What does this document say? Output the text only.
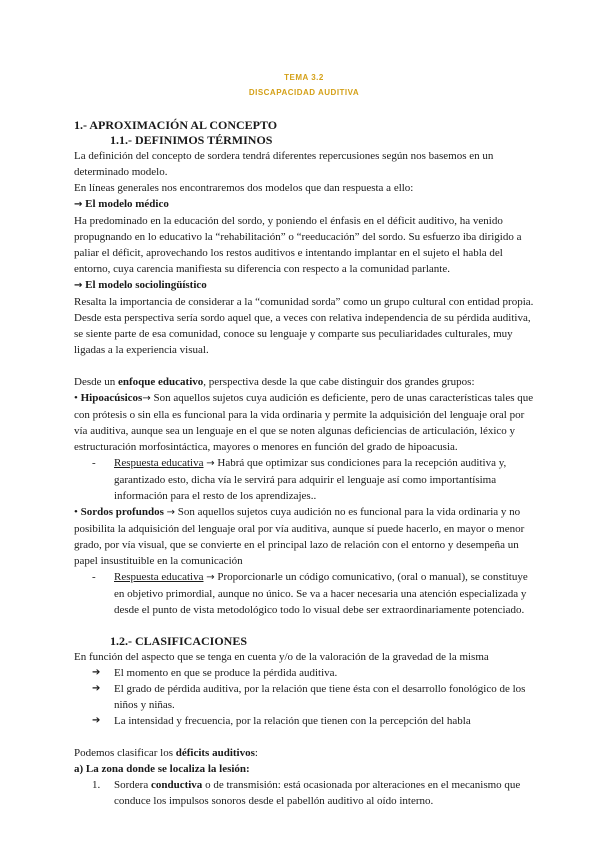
TEMA 3.2
DISCAPACIDAD AUDITIVA
1.- APROXIMACIÓN AL CONCEPTO
1.1.- DEFINIMOS TÉRMINOS

La definición del concepto de sordera tendrá diferentes repercusiones según nos basemos en un determinado modelo.

En líneas generales nos encontraremos dos modelos que dan respuesta a ello:

→ El modelo médico

Ha predominado en la educación del sordo, y poniendo el énfasis en el déficit auditivo, ha venido propugnando en lo educativo la “rehabilitación” o “reeducación” del sordo. Su esfuerzo iba dirigido a paliar el déficit, aprovechando los restos auditivos e intentando implantar en el sujeto el habla del entorno, cuya carencia manifiesta su diferencia con respecto a la comunidad parlante.

→ El modelo sociolingüístico

Resalta la importancia de considerar a la “comunidad sorda” como un grupo cultural con entidad propia. Desde esta perspectiva sería sordo aquel que, a veces con relativa independencia de su pérdida auditiva, se siente parte de esa comunidad, conoce su lenguaje y comparte sus peculiaridades culturales, muy ligadas a la experiencia visual.

Desde un enfoque educativo, perspectiva desde la que cabe distinguir dos grandes grupos:

• Hipoacúsicos→ Son aquellos sujetos cuya audición es deficiente, pero de unas características tales que con prótesis o sin ella es funcional para la vida ordinaria y permite la adquisición del lenguaje oral por vía auditiva, aunque sea un lenguaje en el que se noten algunas deficiencias de articulación, léxico y estructuración morfosintáctica, mayores o menores en función del grado de hipoacusia.

-	Respuesta educativa → Habrá que optimizar sus condiciones para la recepción auditiva y, garantizado esto, dicha vía le servirá para adquirir el lenguaje así como importantísima información para el resto de los aprendizajes..

• Sordos profundos → Son aquellos sujetos cuya audición no es funcional para la vida ordinaria y no posibilita la adquisición del lenguaje oral por vía auditiva, aunque sí puede hacerlo, en mayor o menor grado, por vía visual, que se convierte en el principal lazo de relación con el entorno y desempeña un papel insustituible en la comunicación

-	Respuesta educativa → Proporcionarle un código comunicativo, (oral o manual), se constituye en objetivo primordial, aunque no único. Se va a hacer necesaria una atención especializada y desde el punto de vista metodológico todo lo visual debe ser extraordinariamente potenciado.
1.2.- CLASIFICACIONES

En función del aspecto que se tenga en cuenta y/o de la valoración de la gravedad de la misma

➔	El momento en que se produce la pérdida auditiva.
➔	El grado de pérdida auditiva, por la relación que tiene ésta con el desarrollo fonológico de los niños y niñas.
➔	La intensidad y frecuencia, por la relación que tienen con la percepción del habla

Podemos clasificar los déficits auditivos:

a) La zona donde se localiza la lesión:

1.	Sordera conductiva o de transmisión: está ocasionada por alteraciones en el mecanismo que conduce los impulsos sonoros desde el pabellón auditivo al oído interno.
